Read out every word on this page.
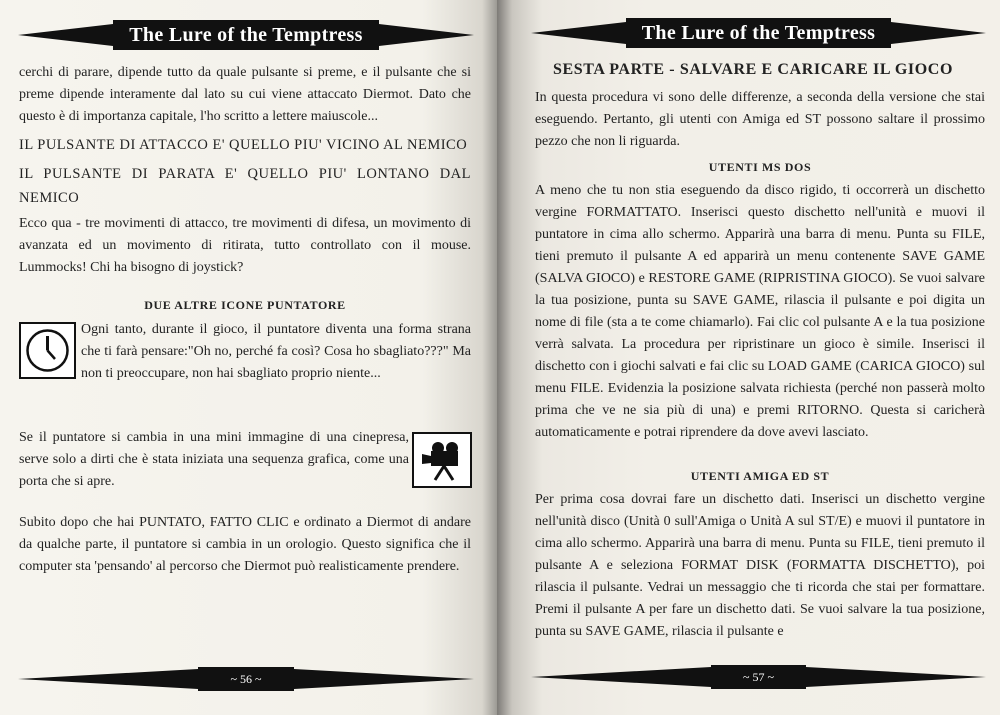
The Lure of the Temptress
cerchi di parare, dipende tutto da quale pulsante si preme, e il pulsante che si preme dipende interamente dal lato su cui viene attaccato Diermot. Dato che questo è di importanza capitale, l'ho scritto a lettere maiuscole...
IL PULSANTE DI ATTACCO E' QUELLO PIU' VICINO AL NEMICO
IL PULSANTE DI PARATA E' QUELLO PIU' LONTANO DAL NEMICO
Ecco qua - tre movimenti di attacco, tre movimenti di difesa, un movimento di avanzata ed un movimento di ritirata, tutto controllato con il mouse. Lummocks! Chi ha bisogno di joystick?
DUE ALTRE ICONE PUNTATORE
Ogni tanto, durante il gioco, il puntatore diventa una forma strana che ti farà pensare:"Oh no, perché fa così? Cosa ho sbagliato???" Ma non ti preoccupare, non hai sbagliato proprio niente...
Se il puntatore si cambia in una mini immagine di una cinepresa, serve solo a dirti che è stata iniziata una sequenza grafica, come una porta che si apre.
Subito dopo che hai PUNTATO, FATTO CLIC e ordinato a Diermot di andare da qualche parte, il puntatore si cambia in un orologio. Questo significa che il computer sta 'pensando' al percorso che Diermot può realisticamente prendere.
~ 56 ~
The Lure of the Temptress
SESTA PARTE - SALVARE E CARICARE IL GIOCO
In questa procedura vi sono delle differenze, a seconda della versione che stai eseguendo. Pertanto, gli utenti con Amiga ed ST possono saltare il prossimo pezzo che non li riguarda.
UTENTI MS DOS
A meno che tu non stia eseguendo da disco rigido, ti occorrerà un dischetto vergine FORMATTATO. Inserisci questo dischetto nell'unità e muovi il puntatore in cima allo schermo. Apparirà una barra di menu. Punta su FILE, tieni premuto il pulsante A ed apparirà un menu contenente SAVE GAME (SALVA GIOCO) e RESTORE GAME (RIPRISTINA GIOCO). Se vuoi salvare la tua posizione, punta su SAVE GAME, rilascia il pulsante e poi digita un nome di file (sta a te come chiamarlo). Fai clic col pulsante A e la tua posizione verrà salvata. La procedura per ripristinare un gioco è simile. Inserisci il dischetto con i giochi salvati e fai clic su LOAD GAME (CARICA GIOCO) sul menu FILE. Evidenzia la posizione salvata richiesta (perché non passerà molto prima che ve ne sia più di una) e premi RITORNO. Questa si caricherà automaticamente e potrai riprendere da dove avevi lasciato.
UTENTI AMIGA ED ST
Per prima cosa dovrai fare un dischetto dati. Inserisci un dischetto vergine nell'unità disco (Unità 0 sull'Amiga o Unità A sul ST/E) e muovi il puntatore in cima allo schermo. Apparirà una barra di menu. Punta su FILE, tieni premuto il pulsante A e seleziona FORMAT DISK (FORMATTA DISCHETTO), poi rilascia il pulsante. Vedrai un messaggio che ti ricorda che stai per formattare. Premi il pulsante A per fare un dischetto dati. Se vuoi salvare la tua posizione, punta su SAVE GAME, rilascia il pulsante e
~ 57 ~
